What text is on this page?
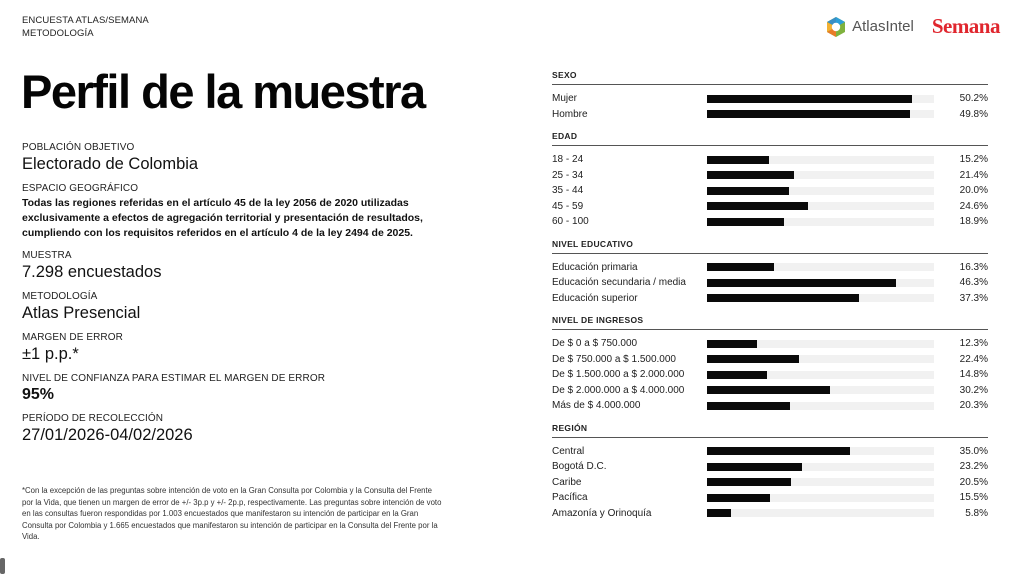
ENCUESTA ATLAS/SEMANA
METODOLOGÍA	AtlasIntel Semana
Perfil de la muestra
POBLACIÓN OBJETIVO
Electorado de Colombia
ESPACIO GEOGRÁFICO
Todas las regiones referidas en el artículo 45 de la ley 2056 de 2020 utilizadas exclusivamente a efectos de agregación territorial y presentación de resultados, cumpliendo con los requisitos referidos en el artículo 4 de la ley 2494 de 2025.
MUESTRA
7.298 encuestados
METODOLOGÍA
Atlas Presencial
MARGEN DE ERROR
±1 p.p.*
NIVEL DE CONFIANZA PARA ESTIMAR EL MARGEN DE ERROR
95%
PERÍODO DE RECOLECCIÓN
27/01/2026-04/02/2026
*Con la excepción de las preguntas sobre intención de voto en la Gran Consulta por Colombia y la Consulta del Frente por la Vida, que tienen un margen de error de +/- 3p.p y +/- 2p.p, respectivamente. Las preguntas sobre intención de voto en las consultas fueron respondidas por 1.003 encuestados que manifestaron su intención de participar en la Gran Consulta por Colombia y 1.665 encuestados que manifestaron su intención de participar en la Consulta del Frente por la Vida.
SEXO
Mujer	50.2%
Hombre	49.8%
EDAD
18 - 24	15.2%
25 - 34	21.4%
35 - 44	20.0%
45 - 59	24.6%
60 - 100	18.9%
NIVEL EDUCATIVO
Educación primaria	16.3%
Educación secundaria / media	46.3%
Educación superior	37.3%
NIVEL DE INGRESOS
De $ 0 a $ 750.000	12.3%
De $ 750.000 a $ 1.500.000	22.4%
De $ 1.500.000 a $ 2.000.000	14.8%
De $ 2.000.000 a $ 4.000.000	30.2%
Más de $ 4.000.000	20.3%
REGIÓN
Central	35.0%
Bogotá D.C.	23.2%
Caribe	20.5%
Pacífica	15.5%
Amazonía y Orinoquía	5.8%
